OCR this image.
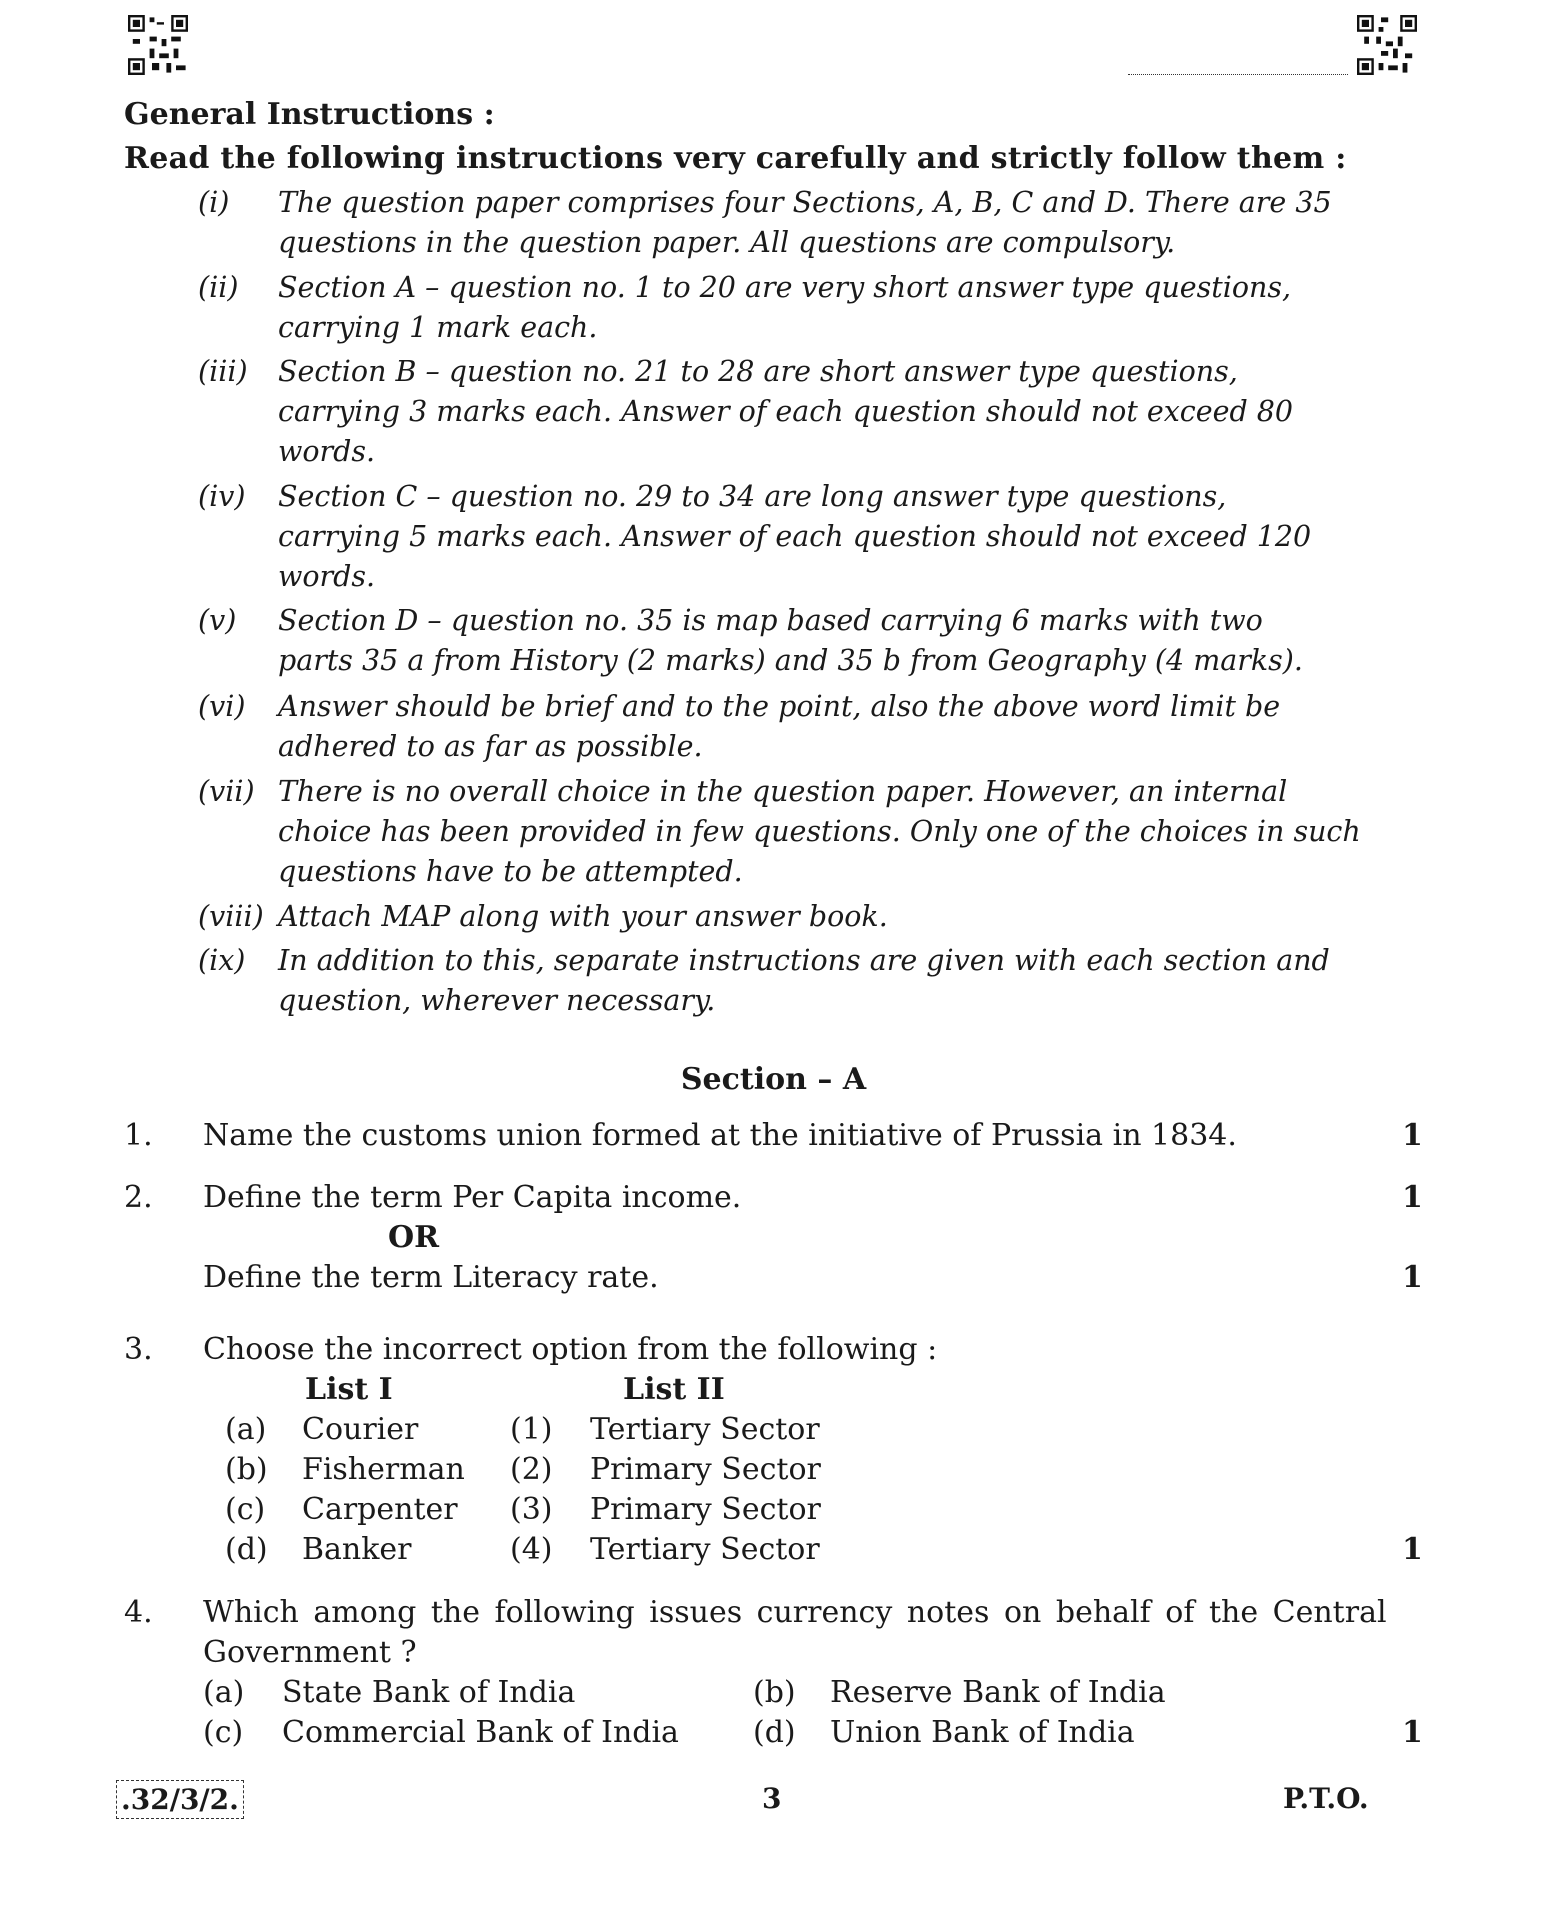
General Instructions :
Read the following instructions very carefully and strictly follow them :
(i) The question paper comprises four Sections, A, B, C and D. There are 35
questions in the question paper. All questions are compulsory.
(ii) Section A – question no. 1 to 20 are very short answer type questions,
carrying 1 mark each.
(iii) Section B – question no. 21 to 28 are short answer type questions,
carrying 3 marks each. Answer of each question should not exceed 80
words.
(iv) Section C – question no. 29 to 34 are long answer type questions,
carrying 5 marks each. Answer of each question should not exceed 120
words.
(v) Section D – question no. 35 is map based carrying 6 marks with two
parts 35 a from History (2 marks) and 35 b from Geography (4 marks).
(vi) Answer should be brief and to the point, also the above word limit be
adhered to as far as possible.
(vii) There is no overall choice in the question paper. However, an internal
choice has been provided in few questions. Only one of the choices in such
questions have to be attempted.
(viii) Attach MAP along with your answer book.
(ix) In addition to this, separate instructions are given with each section and
question, wherever necessary.
Section – A
1. Name the customs union formed at the initiative of Prussia in 1834.	1
2. Define the term Per Capita income.	1
OR
Define the term Literacy rate.	1
3. Choose the incorrect option from the following :
List I	List II
(a) Courier	(1) Tertiary Sector
(b) Fisherman (2) Primary Sector
(c) Carpenter (3) Primary Sector
(d) Banker	(4) Tertiary Sector	1
4. Which among the following issues currency notes on behalf of the Central
Government ?
(a) State Bank of India	(b) Reserve Bank of India
(c) Commercial Bank of India (d) Union Bank of India	1
.32/3/2.	3	P.T.O.
